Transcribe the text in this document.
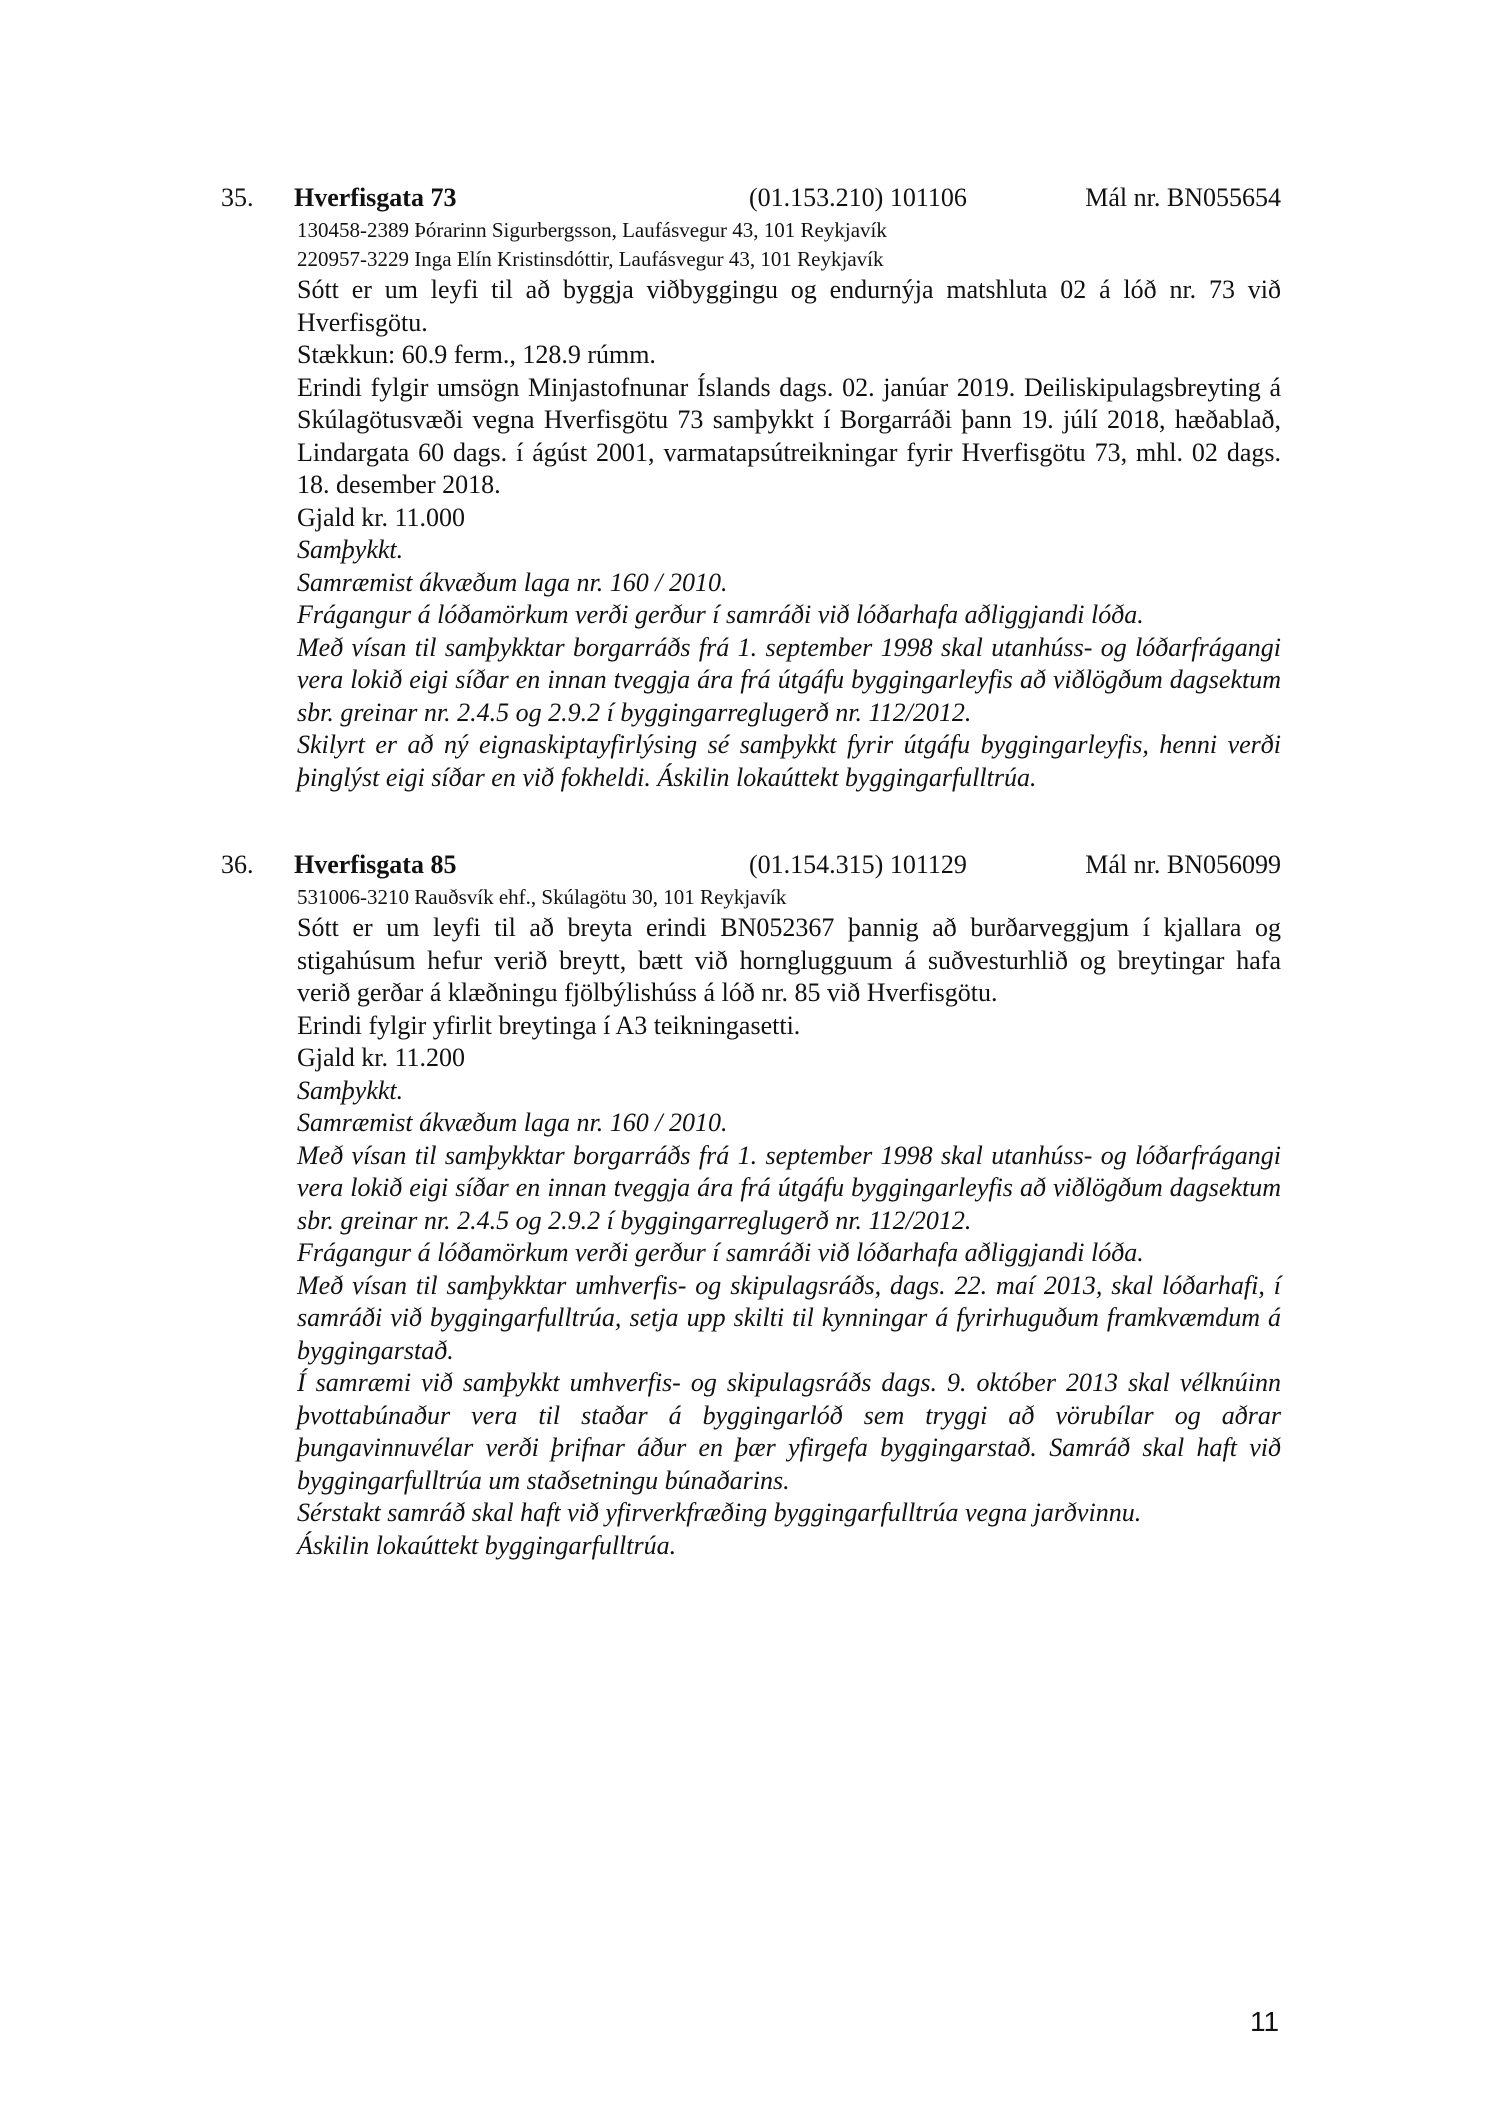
35. Hverfisgata 73	(01.153.210) 101106	Mál nr. BN055654
130458-2389 Þórarinn Sigurbergsson, Laufásvegur 43, 101 Reykjavík
220957-3229 Inga Elín Kristinsdóttir, Laufásvegur 43, 101 Reykjavík

Sótt er um leyfi til að byggja viðbyggingu og endurnýja matshluta 02 á lóð nr. 73 við Hverfisgötu.

Stækkun: 60.9 ferm., 128.9 rúmm.

Erindi fylgir umsögn Minjastofnunar Íslands dags. 02. janúar 2019. Deiliskipulagsbreyting á Skúlagötusvæði vegna Hverfisgötu 73 samþykkt í Borgarráði þann 19. júlí 2018, hæðablað, Lindargata 60 dags. í ágúst 2001, varmatapsútreikningar fyrir Hverfisgötu 73, mhl. 02 dags. 18. desember 2018.

Gjald kr. 11.000

Samþykkt.

Samræmist ákvæðum laga nr. 160 / 2010.

Frágangur á lóðamörkum verði gerður í samráði við lóðarhafa aðliggjandi lóða.

Með vísan til samþykktar borgarráðs frá 1. september 1998 skal utanhúss- og lóðarfrágangi vera lokið eigi síðar en innan tveggja ára frá útgáfu byggingarleyfis að viðlögðum dagsektum sbr. greinar nr. 2.4.5 og 2.9.2 í byggingarreglugerð nr. 112/2012.

Skilyrt er að ný eignaskiptayfirlýsing sé samþykkt fyrir útgáfu byggingarleyfis, henni verði þinglýst eigi síðar en við fokheldi. Áskilin lokaúttekt byggingarfulltrúa.

36. Hverfisgata 85	(01.154.315) 101129	Mál nr. BN056099
531006-3210 Rauðsvík ehf., Skúlagötu 30, 101 Reykjavík

Sótt er um leyfi til að breyta erindi BN052367 þannig að burðarveggjum í kjallara og stigahúsum hefur verið breytt, bætt við hornglugguum á suðvesturhlið og breytingar hafa verið gerðar á klæðningu fjölbýlishúss á lóð nr. 85 við Hverfisgötu.

Erindi fylgir yfirlit breytinga í A3 teikningasetti.

Gjald kr. 11.200

Samþykkt.

Samræmist ákvæðum laga nr. 160 / 2010.

Með vísan til samþykktar borgarráðs frá 1. september 1998 skal utanhúss- og lóðarfrágangi vera lokið eigi síðar en innan tveggja ára frá útgáfu byggingarleyfis að viðlögðum dagsektum sbr. greinar nr. 2.4.5 og 2.9.2 í byggingarreglugerð nr. 112/2012.

Frágangur á lóðamörkum verði gerður í samráði við lóðarhafa aðliggjandi lóða.

Með vísan til samþykktar umhverfis- og skipulagsráðs, dags. 22. maí 2013, skal lóðarhafi, í samráði við byggingarfulltrúa, setja upp skilti til kynningar á fyrirhuguðum framkvæmdum á byggingarstað.

Í samræmi við samþykkt umhverfis- og skipulagsráðs dags. 9. október 2013 skal vélknúinn þvottabúnaður vera til staðar á byggingarlóð sem tryggi að vörubílar og aðrar þungavinnuvélar verði þrifnar áður en þær yfirgefa byggingarstað. Samráð skal haft við byggingarfulltrúa um staðsetningu búnaðarins.

Sérstakt samráð skal haft við yfirverkfræðing byggingarfulltrúa vegna jarðvinnu.

Áskilin lokaúttekt byggingarfulltrúa.

11
